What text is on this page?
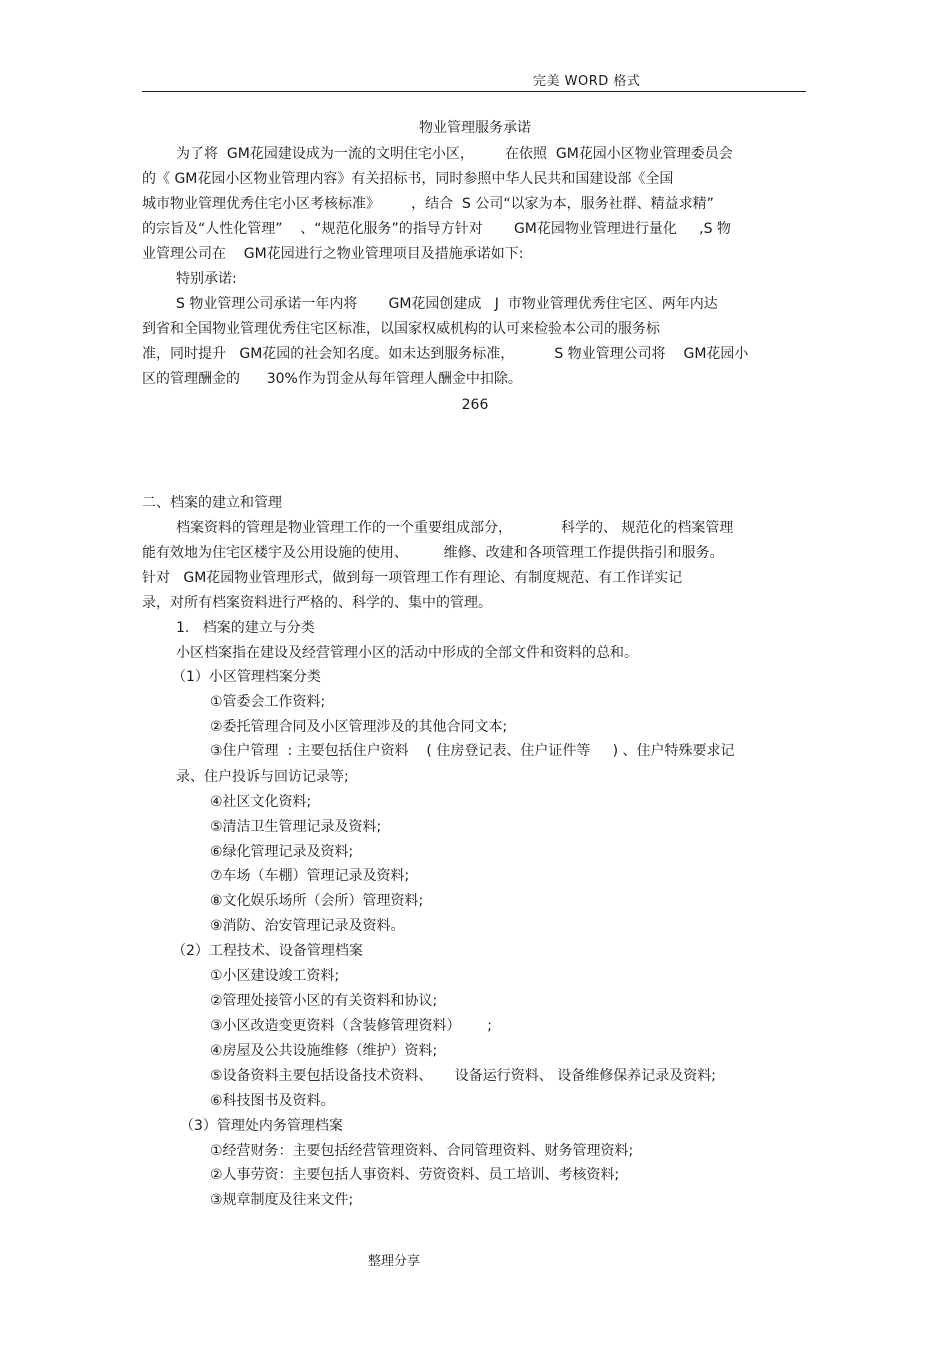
完美 WORD 格式
物业管理服务承诺
为了将  GM花园建设成为一流的文明住宅小区，       在依照  GM花园小区物业管理委员会
的《 GM花园小区物业管理内容》有关招标书，同时参照中华人民共和国建设部《全国
城市物业管理优秀住宅小区考核标准》       ，结合  S 公司“以家为本，服务社群、精益求精”
的宗旨及“人性化管理”    、“规范化服务”的指导方针对       GM花园物业管理进行量化     ,S 物
业管理公司在    GM花园进行之物业管理项目及措施承诺如下:
特别承诺:
S 物业管理公司承诺一年内将       GM花园创建成   J  市物业管理优秀住宅区、两年内达
到省和全国物业管理优秀住宅区标准，以国家权威机构的认可来检验本公司的服务标
准，同时提升   GM花园的社会知名度。如未达到服务标准，         S 物业管理公司将    GM花园小
区的管理酬金的      30%作为罚金从每年管理人酬金中扣除。
266
二、档案的建立和管理
档案资料的管理是物业管理工作的一个重要组成部分，           科学的、 规范化的档案管理
能有效地为住宅区楼宇及公用设施的使用、        维修、改建和各项管理工作提供指引和服务。
针对   GM花园物业管理形式，做到每一项管理工作有理论、有制度规范、有工作详实记
录，对所有档案资料进行严格的、科学的、集中的管理。
1.   档案的建立与分类
小区档案指在建设及经营管理小区的活动中形成的全部文件和资料的总和。
（1）小区管理档案分类
①管委会工作资料;
②委托管理合同及小区管理涉及的其他合同文本;
③住户管理  : 主要包括住户资料    ( 住房登记表、住户证件等     ) 、住户特殊要求记
录、住户投诉与回访记录等;
④社区文化资料;
⑤清洁卫生管理记录及资料;
⑥绿化管理记录及资料;
⑦车场（车棚）管理记录及资料;
⑧文化娱乐场所（会所）管理资料;
⑨消防、治安管理记录及资料。
（2）工程技术、设备管理档案
①小区建设竣工资料;
②管理处接管小区的有关资料和协议;
③小区改造变更资料（含装修管理资料）      ;
④房屋及公共设施维修（维护）资料;
⑤设备资料主要包括设备技术资料、     设备运行资料、 设备维修保养记录及资料;
⑥科技图书及资料。
（3）管理处内务管理档案
①经营财务：主要包括经营管理资料、合同管理资料、财务管理资料;
②人事劳资：主要包括人事资料、劳资资料、员工培训、考核资料;
③规章制度及往来文件;
整理分享
